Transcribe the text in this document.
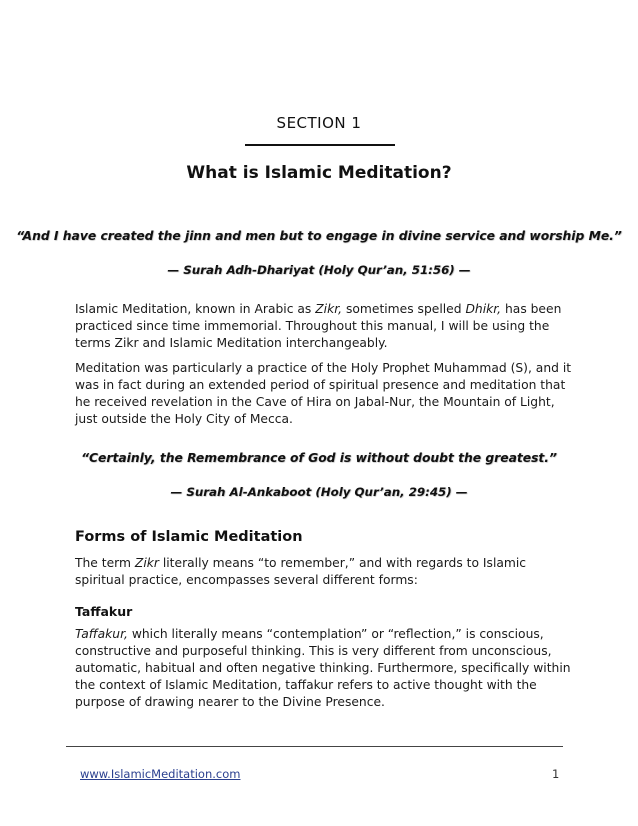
SECTION 1
What is Islamic Meditation?
“And I have created the jinn and men but to engage in divine service and worship Me.”
— Surah Adh-Dhariyat (Holy Qur’an, 51:56) —

Islamic Meditation, known in Arabic as Zikr, sometimes spelled Dhikr, has been practiced since time immemorial. Throughout this manual, I will be using the terms Zikr and Islamic Meditation interchangeably.

Meditation was particularly a practice of the Holy Prophet Muhammad (S), and it was in fact during an extended period of spiritual presence and meditation that he received revelation in the Cave of Hira on Jabal-Nur, the Mountain of Light, just outside the Holy City of Mecca.

“Certainly, the Remembrance of God is without doubt the greatest.”
— Surah Al-Ankaboot (Holy Qur’an, 29:45) —
Forms of Islamic Meditation

The term Zikr literally means “to remember,” and with regards to Islamic spiritual practice, encompasses several different forms:

Taffakur

Taffakur, which literally means “contemplation” or “reflection,” is conscious, constructive and purposeful thinking. This is very different from unconscious, automatic, habitual and often negative thinking. Furthermore, specifically within the context of Islamic Meditation, taffakur refers to active thought with the purpose of drawing nearer to the Divine Presence.

www.IslamicMeditation.com	1
